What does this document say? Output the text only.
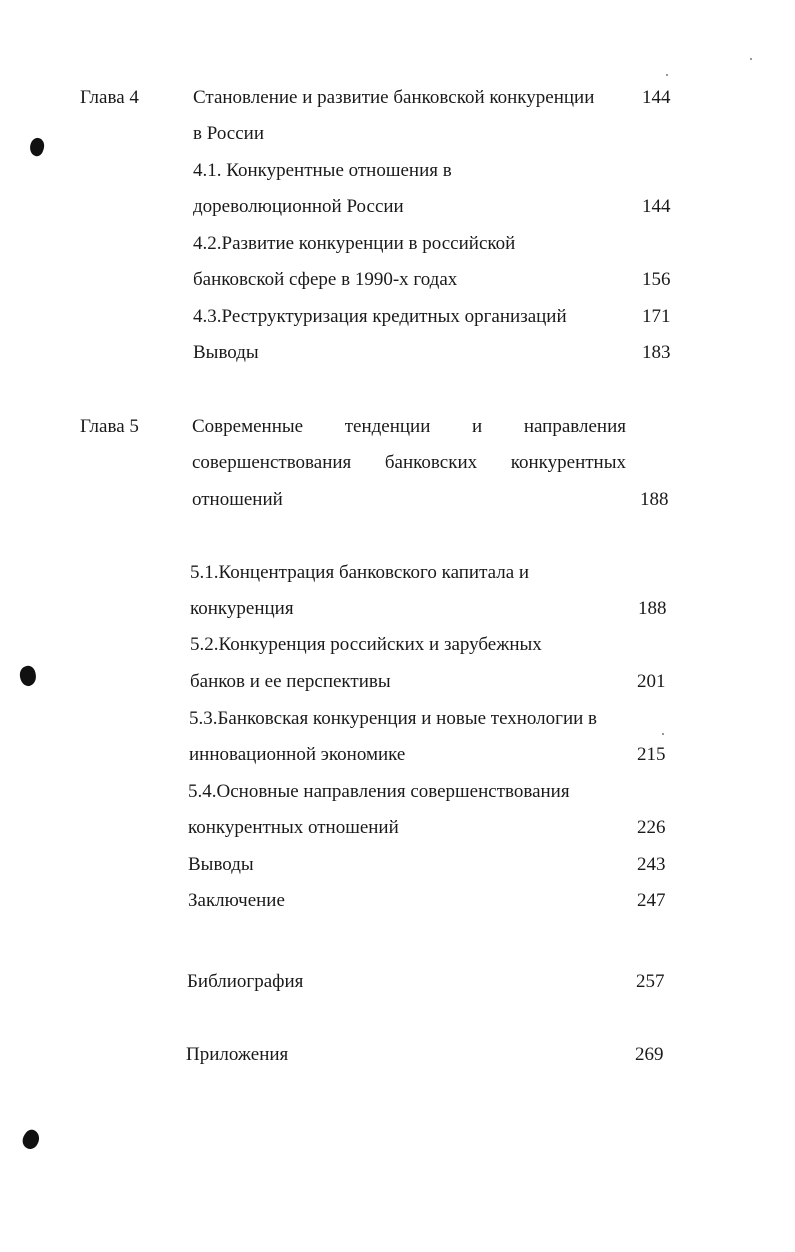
Глава 4	Становление и развитие банковской конкуренции	144
в России
4.1. Конкурентные отношения в
дореволюционной России	144
4.2.Развитие конкуренции в российской
банковской сфере в 1990-х годах	156
4.3.Реструктуризация кредитных организаций	171
Выводы	183
Глава 5	Современные тенденции и направления
совершенствования банковских конкурентных
отношений	188
5.1.Концентрация банковского капитала и
конкуренция	188
5.2.Конкуренция российских и зарубежных
банков и ее перспективы	201
5.3.Банковская конкуренция и новые технологии в
инновационной экономике	215
5.4.Основные направления совершенствования
конкурентных отношений	226
Выводы	243
Заключение	247
Библиография	257
Приложения	269
